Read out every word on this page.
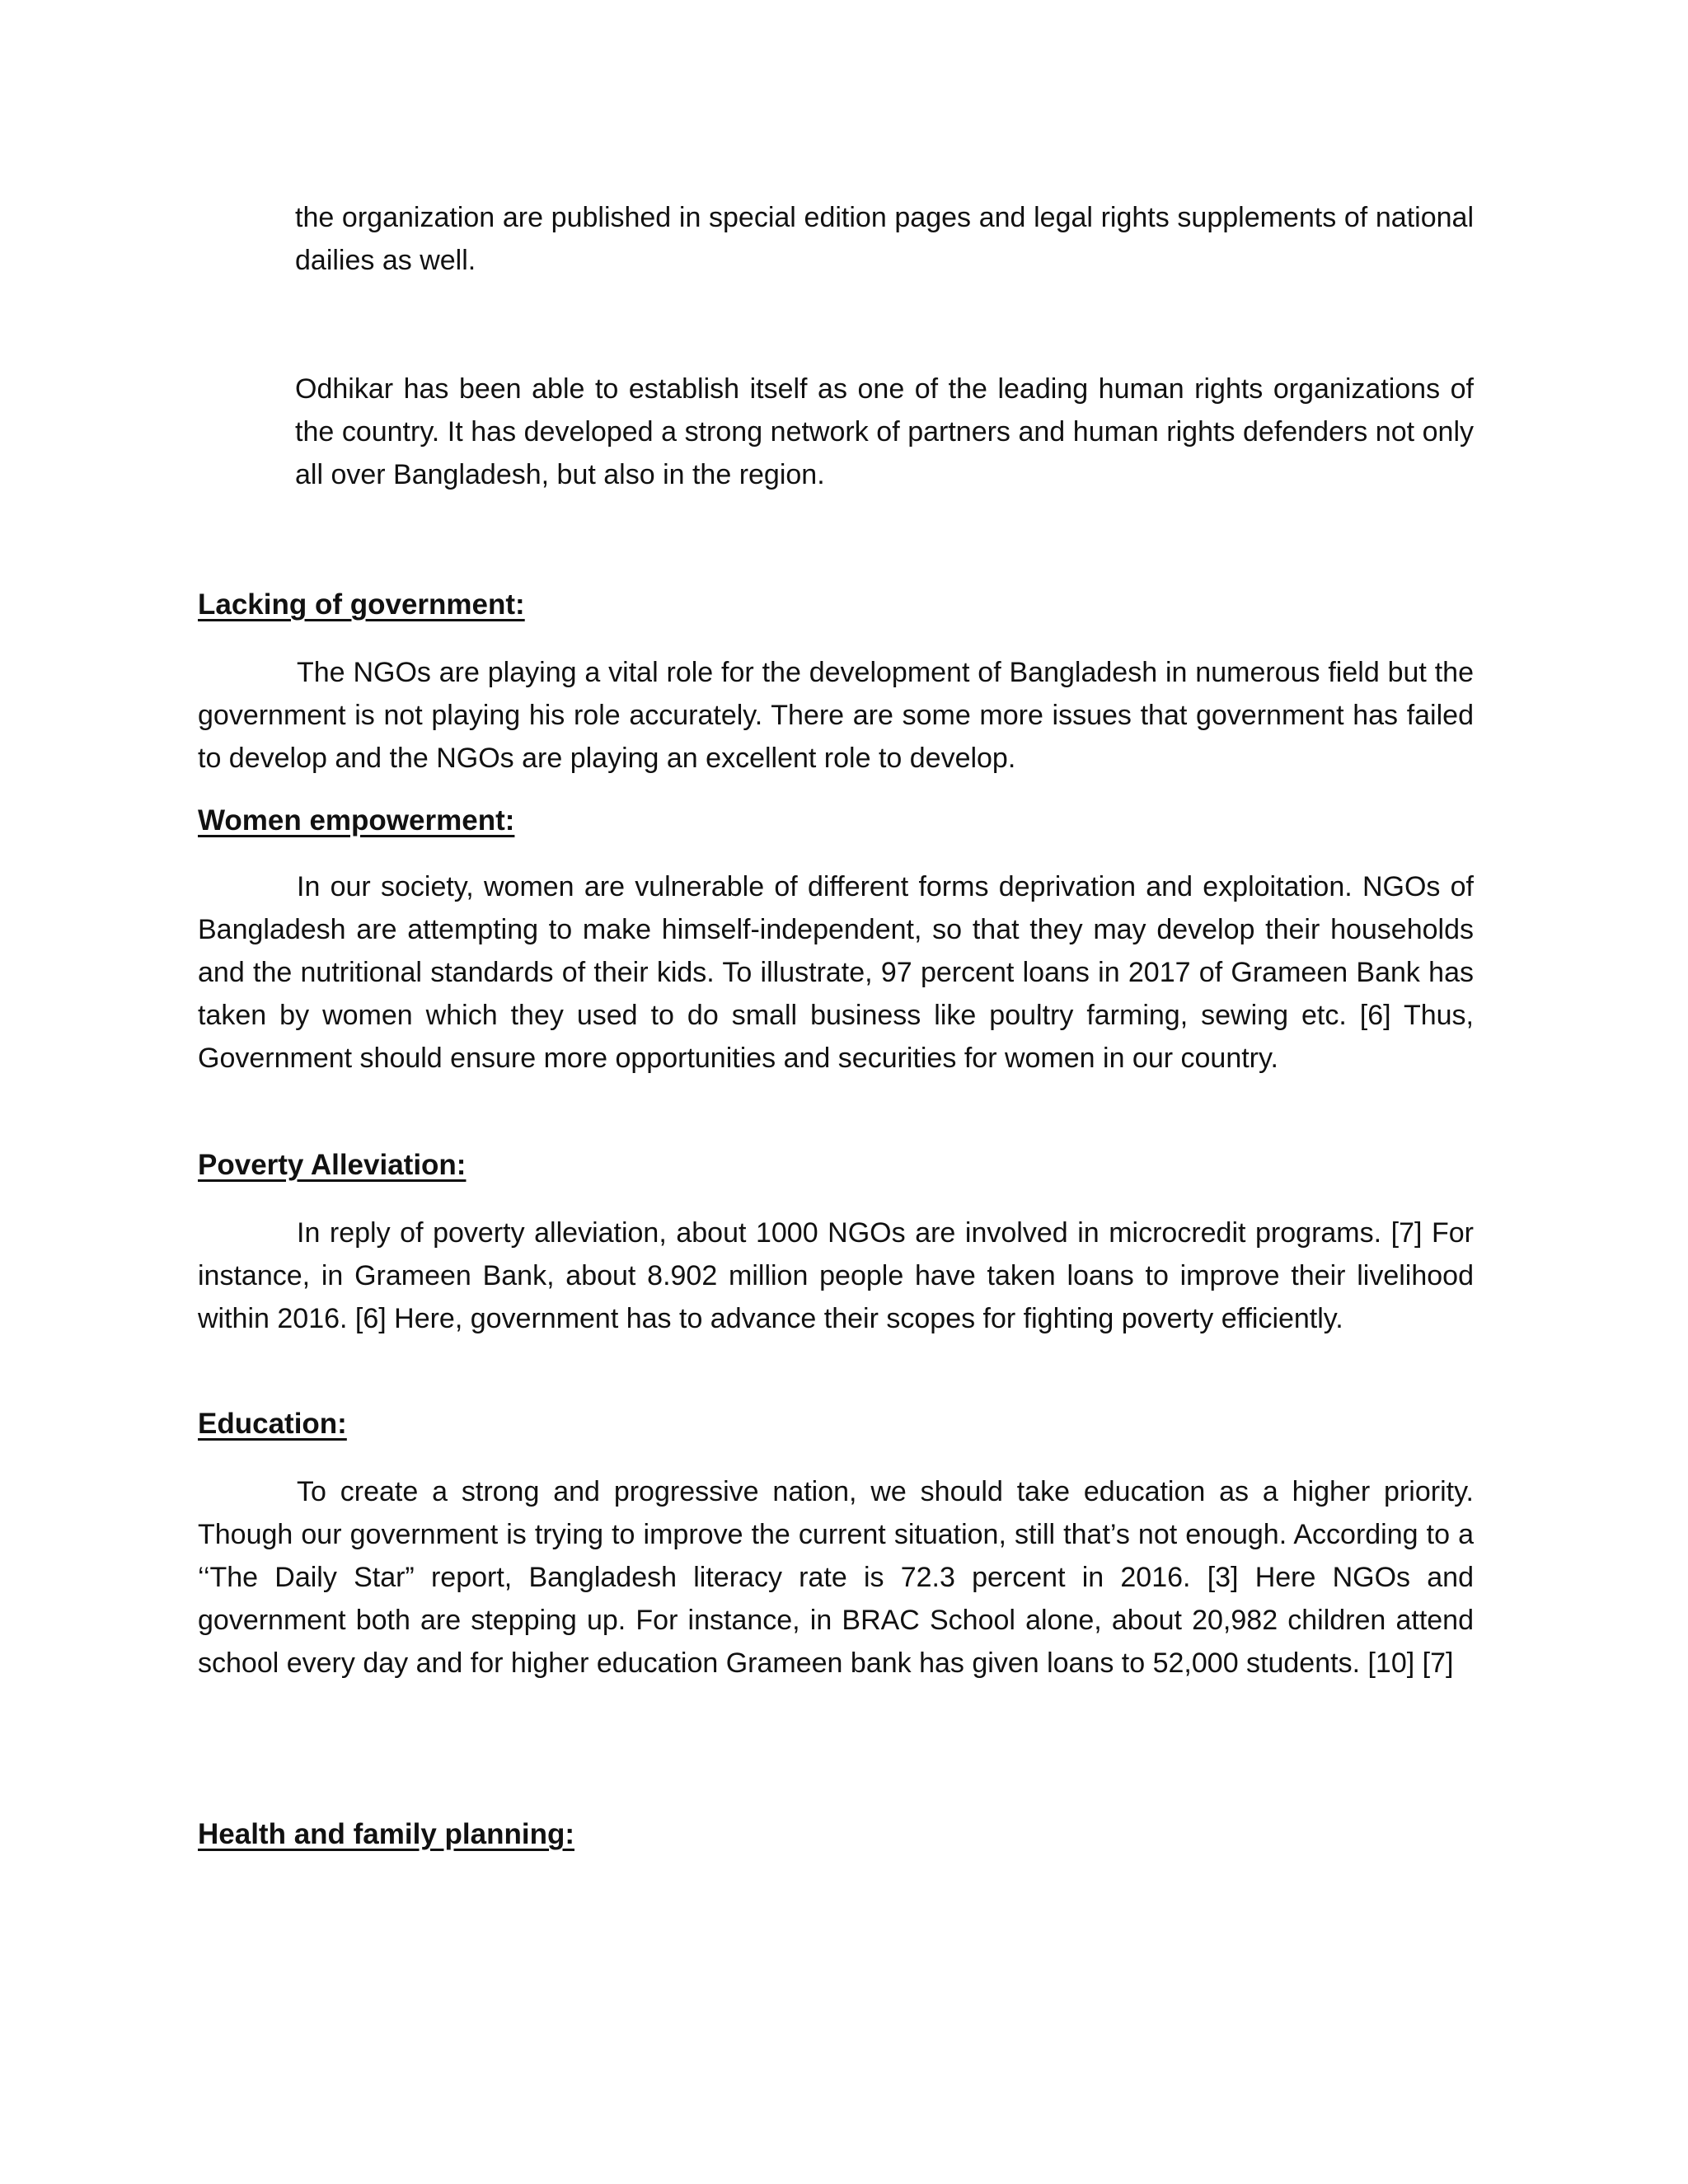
the organization are published in special edition pages and legal rights supplements of national dailies as well.

Odhikar has been able to establish itself as one of the leading human rights organizations of the country. It has developed a strong network of partners and human rights defenders not only all over Bangladesh, but also in the region.

Lacking of government:

The NGOs are playing a vital role for the development of Bangladesh in numerous field but the government is not playing his role accurately. There are some more issues that government has failed to develop and the NGOs are playing an excellent role to develop.

Women empowerment:

In our society, women are vulnerable of different forms deprivation and exploitation. NGOs of Bangladesh are attempting to make himself-independent, so that they may develop their households and the nutritional standards of their kids. To illustrate, 97 percent loans in 2017 of Grameen Bank has taken by women which they used to do small business like poultry farming, sewing etc. [6] Thus, Government should ensure more opportunities and securities for women in our country.

Poverty Alleviation:

In reply of poverty alleviation, about 1000 NGOs are involved in microcredit programs. [7] For instance, in Grameen Bank, about 8.902 million people have taken loans to improve their livelihood within 2016. [6] Here, government has to advance their scopes for fighting poverty efficiently.

Education:

To create a strong and progressive nation, we should take education as a higher priority. Though our government is trying to improve the current situation, still that’s not enough. According to a ‘‘The Daily Star” report, Bangladesh literacy rate is 72.3 percent in 2016. [3] Here NGOs and government both are stepping up. For instance, in BRAC School alone, about 20,982 children attend school every day and for higher education Grameen bank has given loans to 52,000 students. [10] [7]

Health and family planning:
